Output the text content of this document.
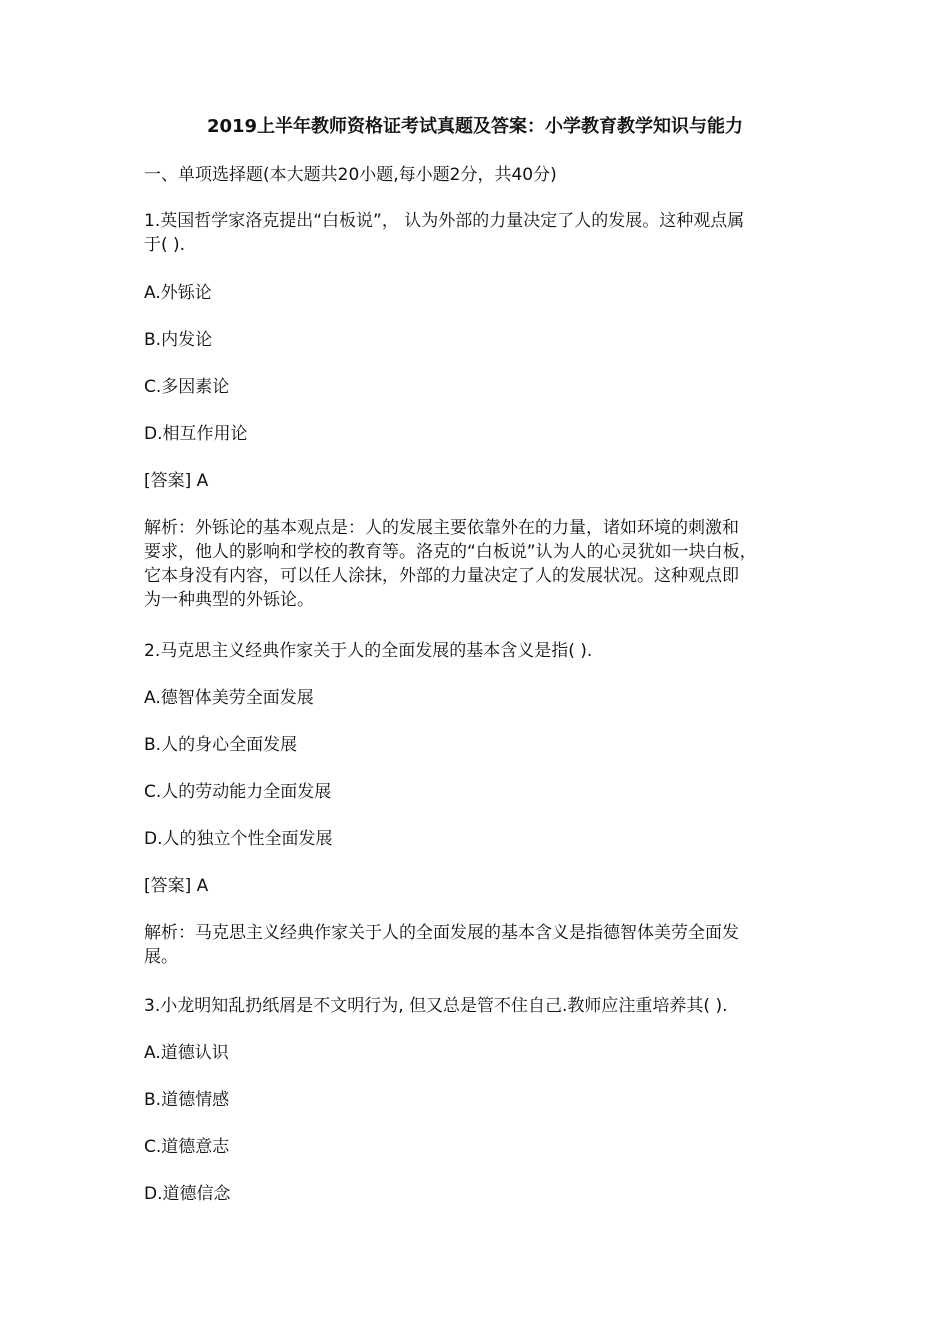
2019上半年教师资格证考试真题及答案：小学教育教学知识与能力

一、单项选择题(本大题共20小题,每小题2分，共40分)

1.英国哲学家洛克提出“白板说”， 认为外部的力量决定了人的发展。这种观点属
于( ).

A.外铄论

B.内发论

C.多因素论

D.相互作用论

[答案] A

解析：外铄论的基本观点是：人的发展主要依靠外在的力量，诸如环境的刺激和
要求，他人的影响和学校的教育等。洛克的“白板说”认为人的心灵犹如一块白板，
它本身没有内容，可以任人涂抹，外部的力量决定了人的发展状况。这种观点即
为一种典型的外铄论。

2.马克思主义经典作家关于人的全面发展的基本含义是指( ).

A.德智体美劳全面发展

B.人的身心全面发展

C.人的劳动能力全面发展

D.人的独立个性全面发展

[答案] A

解析：马克思主义经典作家关于人的全面发展的基本含义是指德智体美劳全面发
展。

3.小龙明知乱扔纸屑是不文明行为, 但又总是管不住自己.教师应注重培养其( ).

A.道德认识

B.道德情感

C.道德意志

D.道德信念
